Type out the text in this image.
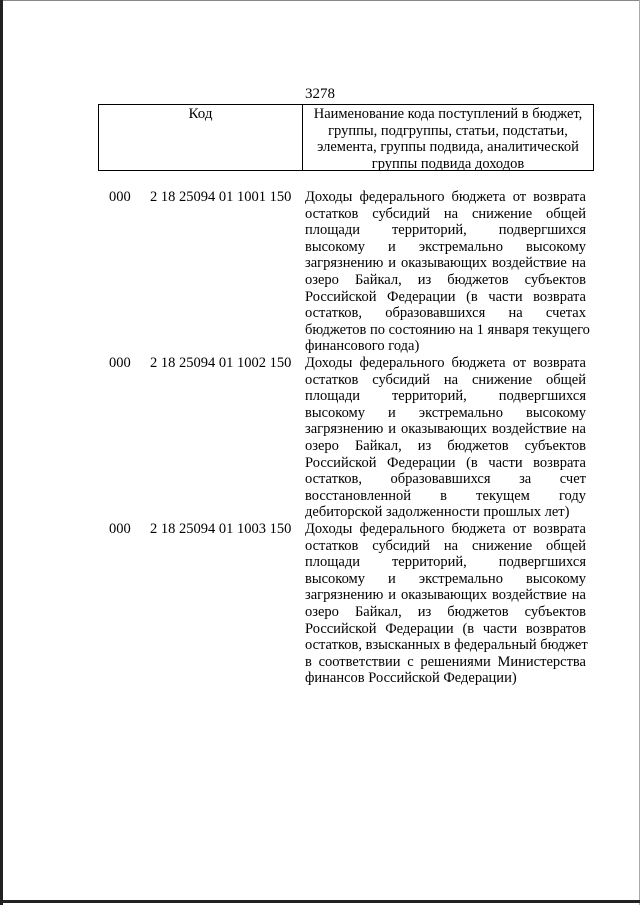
3278
Код	Наименование кода поступлений в бюджет, группы, подгруппы, статьи, подстатьи, элемента, группы подвида, аналитической группы подвида доходов
000 2 18 25094 01 1001 150 Доходы федерального бюджета от возврата
остатков субсидий на снижение общей
площади территорий, подвергшихся
высокому и экстремально высокому
загрязнению и оказывающих воздействие на
озеро Байкал, из бюджетов субъектов
Российской Федерации (в части возврата
остатков, образовавшихся на счетах
бюджетов по состоянию на 1 января текущего
финансового года)
000 2 18 25094 01 1002 150 Доходы федерального бюджета от возврата
остатков субсидий на снижение общей
площади территорий, подвергшихся
высокому и экстремально высокому
загрязнению и оказывающих воздействие на
озеро Байкал, из бюджетов субъектов
Российской Федерации (в части возврата
остатков, образовавшихся за счет
восстановленной в текущем году
дебиторской задолженности прошлых лет)
000 2 18 25094 01 1003 150 Доходы федерального бюджета от возврата
остатков субсидий на снижение общей
площади территорий, подвергшихся
высокому и экстремально высокому
загрязнению и оказывающих воздействие на
озеро Байкал, из бюджетов субъектов
Российской Федерации (в части возвратов
остатков, взысканных в федеральный бюджет
в соответствии с решениями Министерства
финансов Российской Федерации)
